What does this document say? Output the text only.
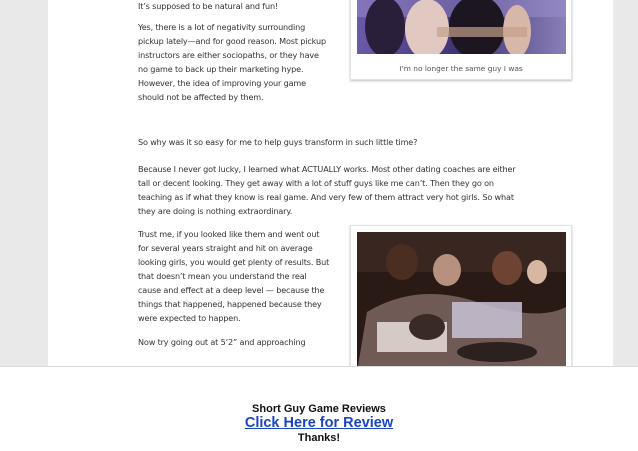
It’s supposed to be natural and fun!

Yes, there is a lot of negativity surrounding pickup lately—and for good reason. Most pickup instructors are either sociopaths, or they have no game to back up their marketing hype. However, the idea of improving your game should not be affected by them.

I’m no longer the same guy I was

So why was it so easy for me to help guys transform in such little time?

Because I never got lucky, I learned what ACTUALLY works. Most other dating coaches are either tall or decent looking. They get away with a lot of stuff guys like me can’t. Then they go on teaching as if what they know is real game. And very few of them attract very hot girls. So what they are doing is nothing extraordinary.

Trust me, if you looked like them and went out for several years straight and hit on average looking girls, you would get plenty of results. But that doesn’t mean you understand the real cause and effect at a deep level — because the things that happened, happened because they were expected to happen.

Now try going out at 5’2” and approaching

Short Guy Game Reviews
Click Here for Review
Thanks!
